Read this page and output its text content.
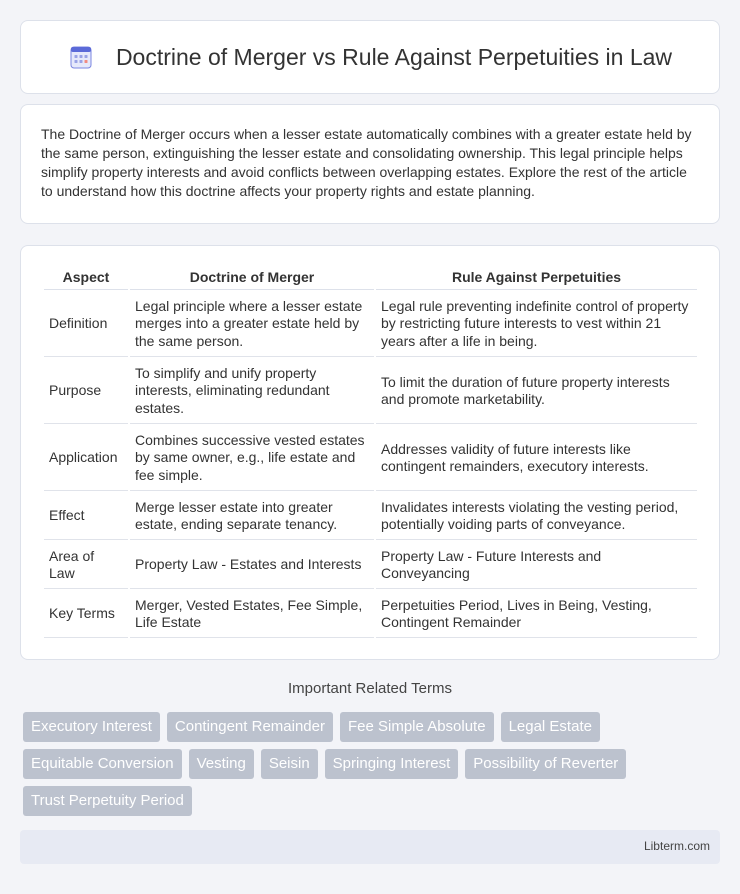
Doctrine of Merger vs Rule Against Perpetuities in Law

The Doctrine of Merger occurs when a lesser estate automatically combines with a greater estate held by the same person, extinguishing the lesser estate and consolidating ownership. This legal principle helps simplify property interests and avoid conflicts between overlapping estates. Explore the rest of the article to understand how this doctrine affects your property rights and estate planning.

Aspect	Doctrine of Merger	Rule Against Perpetuities
Definition	Legal principle where a lesser estate merges into a greater estate held by the same person.	Legal rule preventing indefinite control of property by restricting future interests to vest within 21 years after a life in being.
Purpose	To simplify and unify property interests, eliminating redundant estates.	To limit the duration of future property interests and promote marketability.
Application	Combines successive vested estates by same owner, e.g., life estate and fee simple.	Addresses validity of future interests like contingent remainders, executory interests.
Effect	Merge lesser estate into greater estate, ending separate tenancy.	Invalidates interests violating the vesting period, potentially voiding parts of conveyance.
Area of Law	Property Law - Estates and Interests	Property Law - Future Interests and Conveyancing
Key Terms	Merger, Vested Estates, Fee Simple, Life Estate	Perpetuities Period, Lives in Being, Vesting, Contingent Remainder
Important Related Terms
Executory Interest	Contingent Remainder	Fee Simple Absolute	Legal Estate
Equitable Conversion	Vesting	Seisin	Springing Interest	Possibility of Reverter
Trust Perpetuity Period
Libterm.com
